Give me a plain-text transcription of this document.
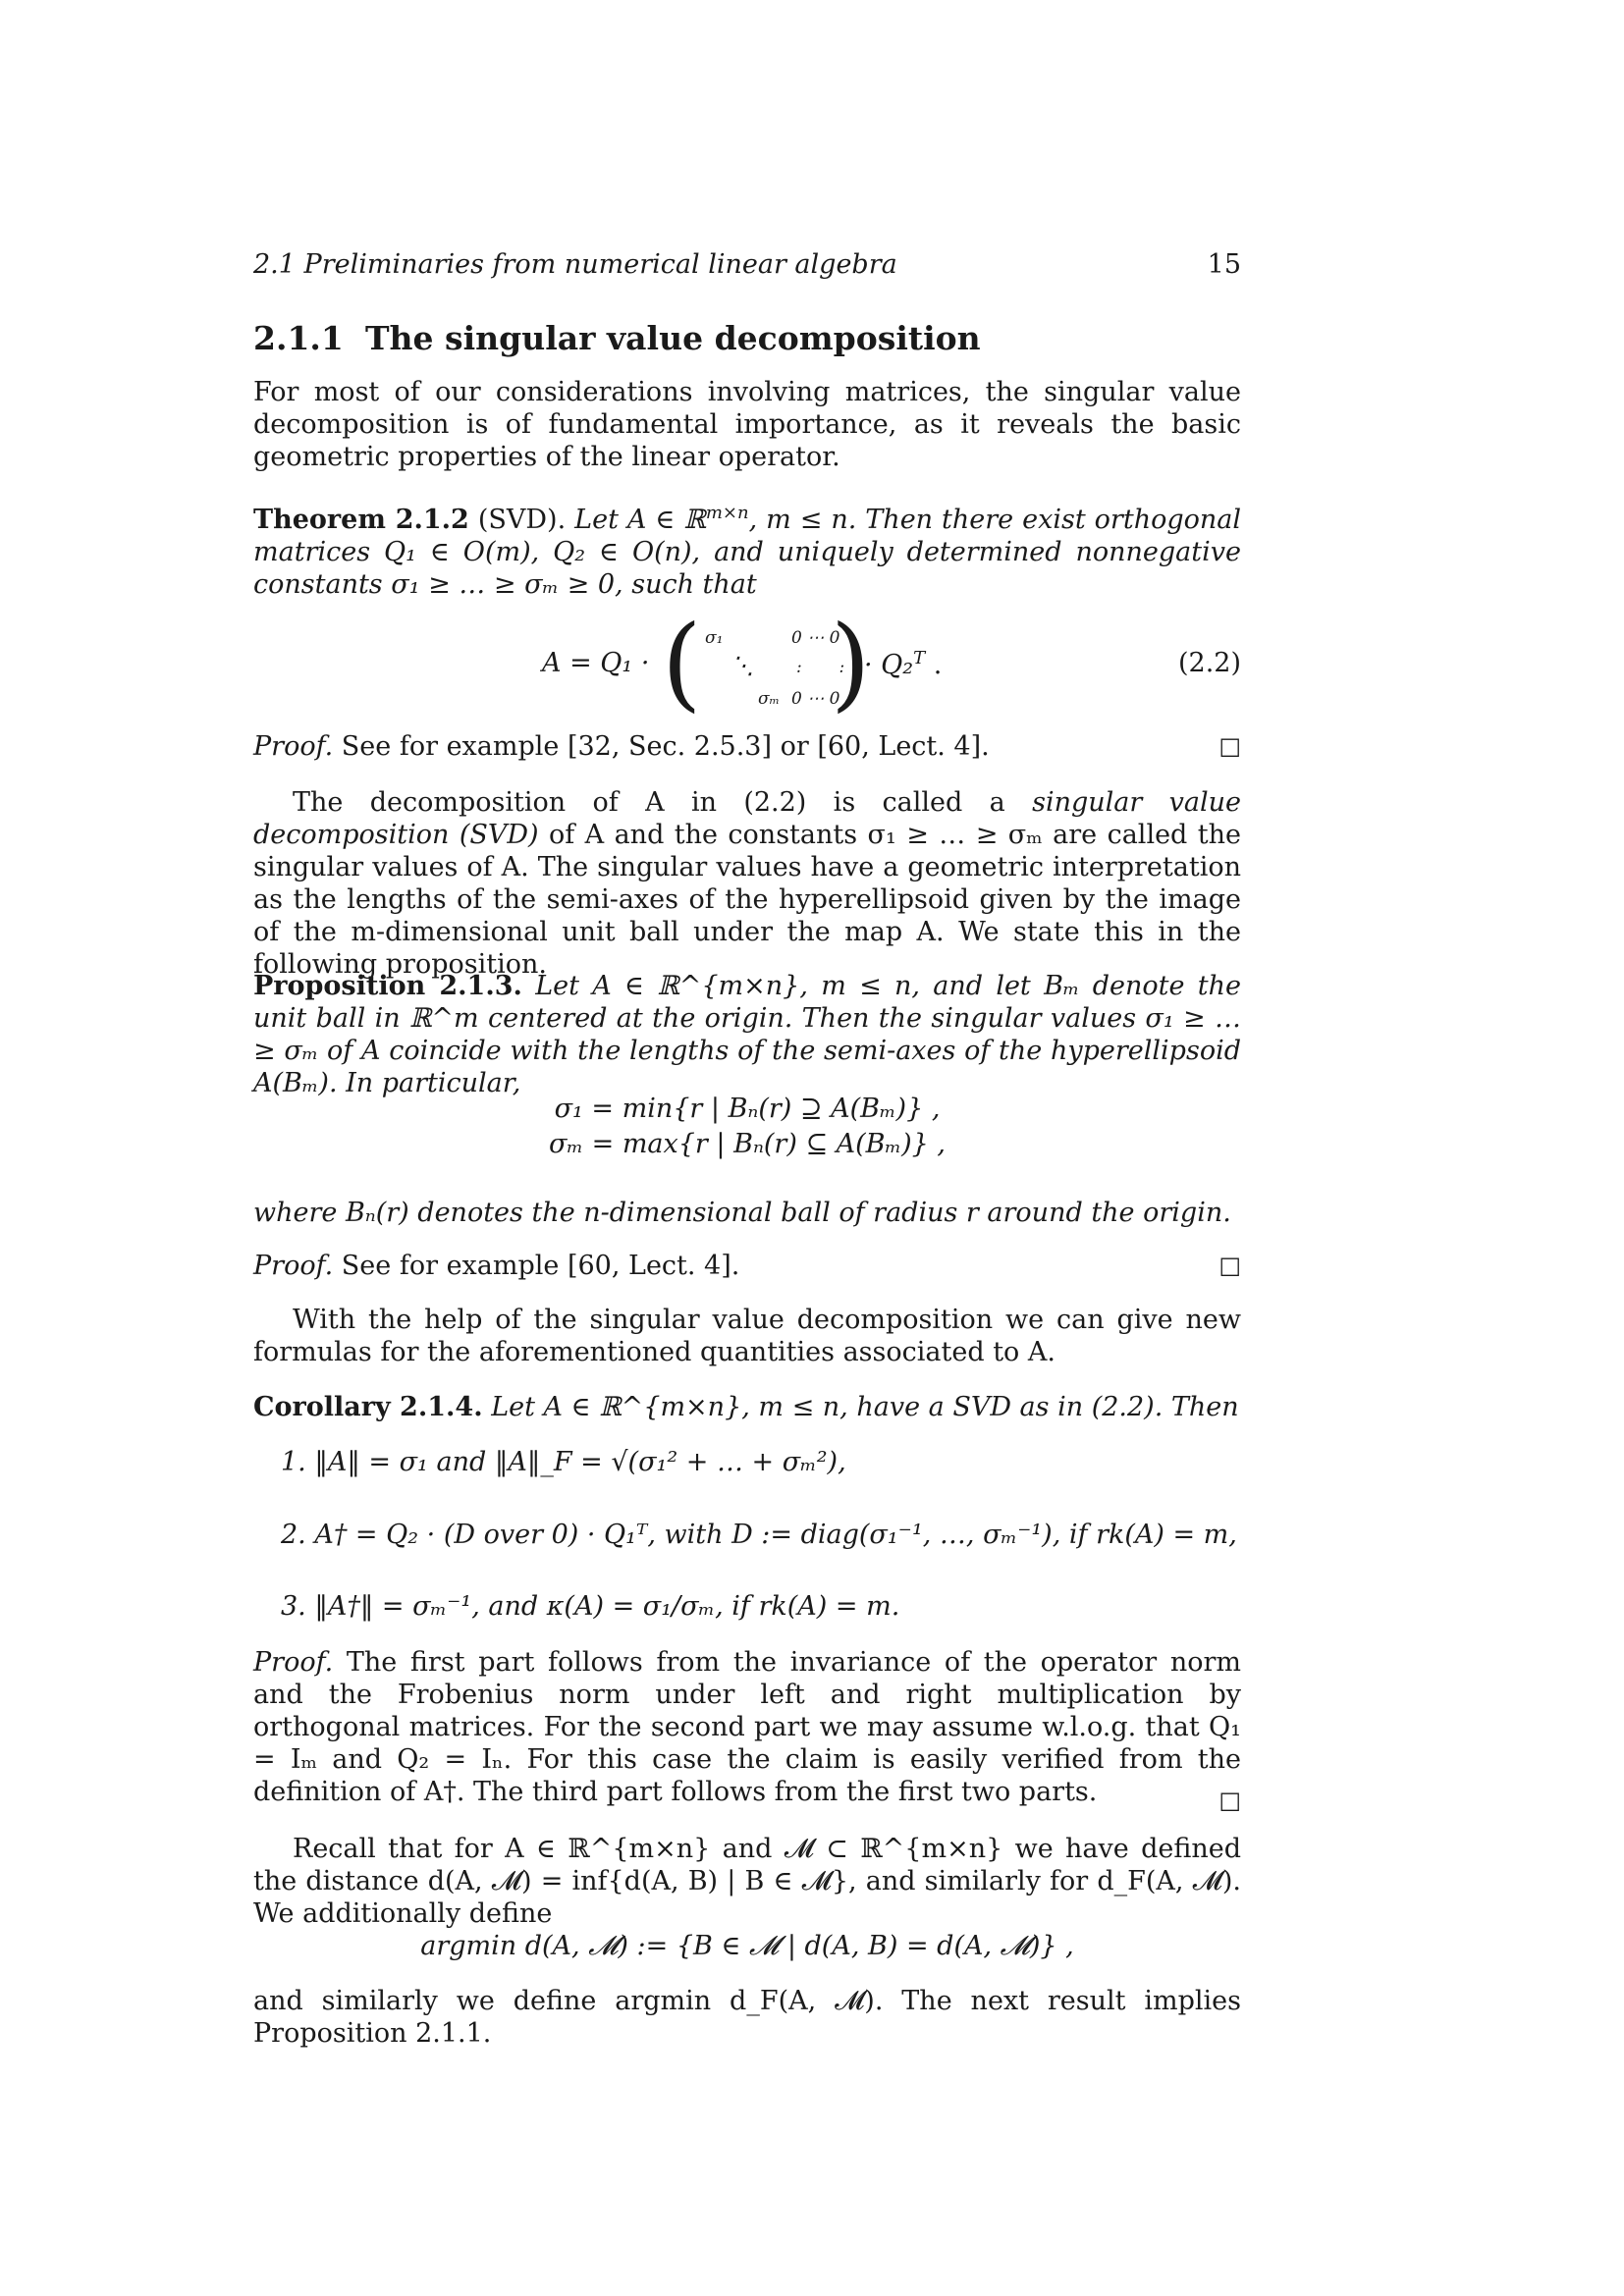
2.1 Preliminaries from numerical linear algebra	15
2.1.1 The singular value decomposition

For most of our considerations involving matrices, the singular value decomposition is of fundamental importance, as it reveals the basic geometric properties of the linear operator.

Theorem 2.1.2 (SVD). Let A ∈ ℝ$^{m\times n}$, m ≤ n. Then there exist orthogonal matrices Q₁ ∈ O(m), Q₂ ∈ O(n), and uniquely determined nonnegative constants σ₁ ≥ … ≥ σₘ ≥ 0, such that
A = Q₁ · ( σ₁	0 ⋯ 0
⋱	:       :
σₘ 0 ⋯ 0
)
· Q₂$^T$ .	(2.2)
Proof. See for example [32, Sec. 2.5.3] or [60, Lect. 4].	□
The decomposition of A in (2.2) is called a singular value decomposition (SVD) of A and the constants σ₁ ≥ … ≥ σₘ are called the singular values of A. The singular values have a geometric interpretation as the lengths of the semi-axes of the hyperellipsoid given by the image of the m-dimensional unit ball under the map A. We state this in the following proposition.
Proposition 2.1.3. Let A ∈ ℝ^{m×n}, m ≤ n, and let Bₘ denote the unit ball in ℝ^m centered at the origin. Then the singular values σ₁ ≥ … ≥ σₘ of A coincide with the lengths of the semi-axes of the hyperellipsoid A(Bₘ). In particular,
σ₁ = min{r | Bₙ(r) ⊇ A(Bₘ)} ,
σₘ = max{r | Bₙ(r) ⊆ A(Bₘ)} ,

where Bₙ(r) denotes the n-dimensional ball of radius r around the origin.

Proof. See for example [60, Lect. 4].	□

With the help of the singular value decomposition we can give new formulas for the aforementioned quantities associated to A.

Corollary 2.1.4. Let A ∈ ℝ^{m×n}, m ≤ n, have a SVD as in (2.2). Then
1. ‖A‖ = σ₁ and ‖A‖_F = √(σ₁² + … + σₘ²),
2. A† = Q₂ · (D over 0) · Q₁ᵀ, with D := diag(σ₁⁻¹, …, σₘ⁻¹), if rk(A) = m,
3. ‖A†‖ = σₘ⁻¹, and κ(A) = σ₁/σₘ, if rk(A) = m.
Proof. The first part follows from the invariance of the operator norm and the Frobenius norm under left and right multiplication by orthogonal matrices. For the second part we may assume w.l.o.g. that Q₁ = Iₘ and Q₂ = Iₙ. For this case the claim is easily verified from the definition of A†. The third part follows from the first two parts.	□

Recall that for A ∈ ℝ^{m×n} and 𝓜 ⊂ ℝ^{m×n} we have defined the distance d(A, 𝓜) = inf{d(A, B) | B ∈ 𝓜}, and similarly for d_F(A, 𝓜). We additionally define

argmin d(A, 𝓜) := {B ∈ 𝓜 | d(A, B) = d(A, 𝓜)} ,

and similarly we define argmin d_F(A, 𝓜). The next result implies Proposition 2.1.1.
